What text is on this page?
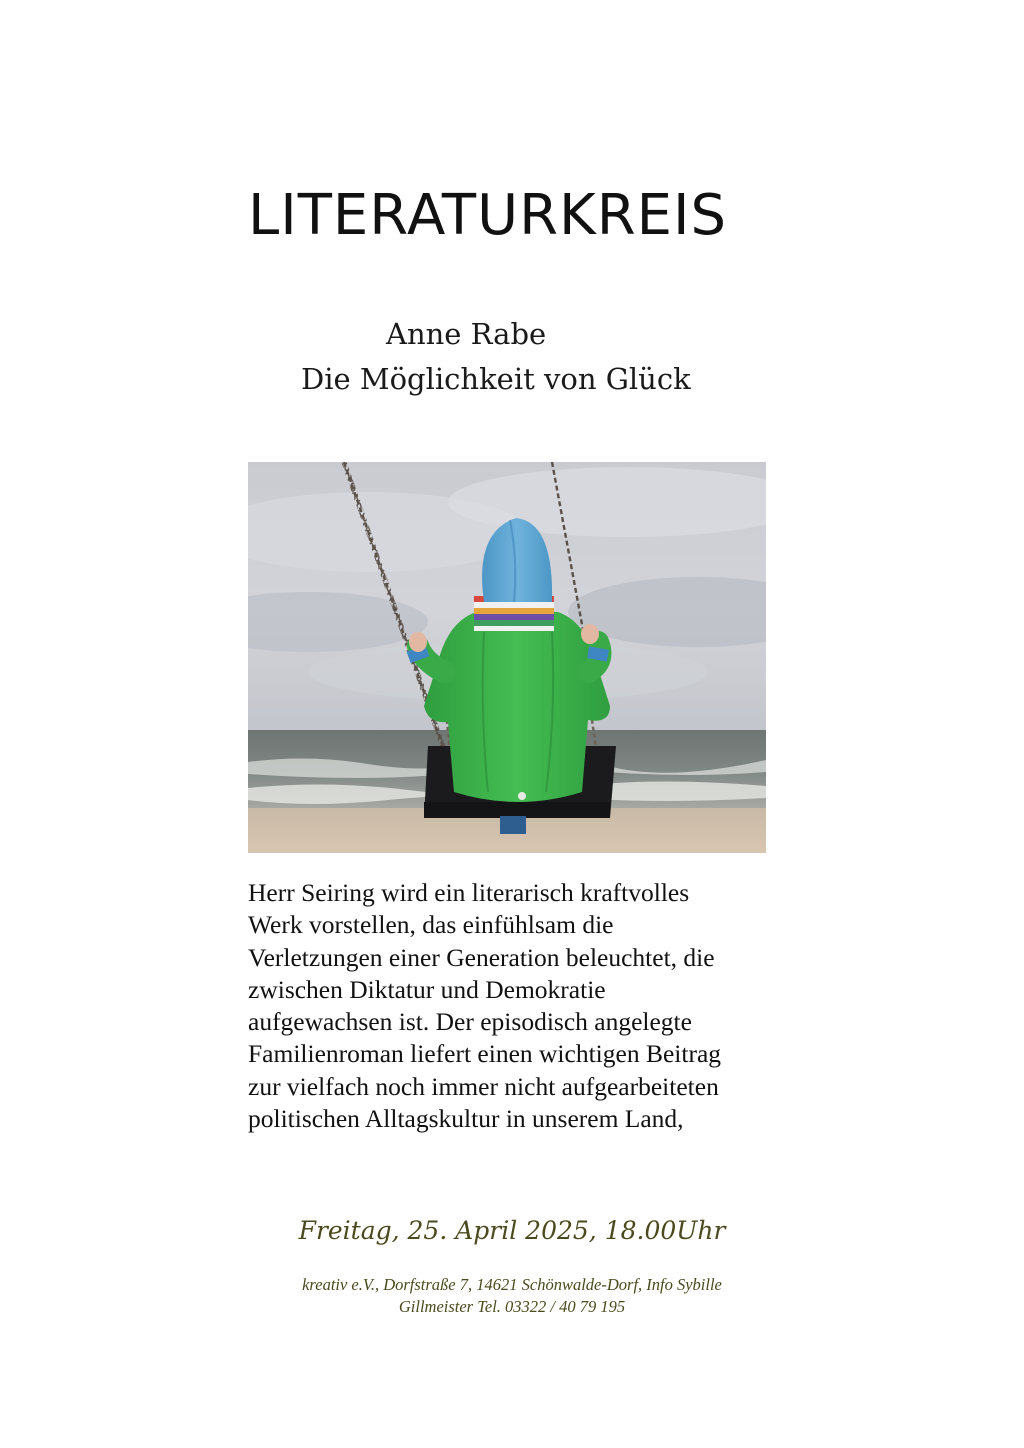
LITERATURKREIS
Anne Rabe
Die Möglichkeit von Glück
Herr Seiring wird ein literarisch kraftvolles
Werk vorstellen, das einfühlsam die
Verletzungen einer Generation beleuchtet, die
zwischen Diktatur und Demokratie
aufgewachsen ist. Der episodisch angelegte
Familienroman liefert einen wichtigen Beitrag
zur vielfach noch immer nicht aufgearbeiteten
politischen Alltagskultur in unserem Land,
Freitag, 25. April 2025, 18.00Uhr
kreativ e.V., Dorfstraße 7, 14621 Schönwalde-Dorf, Info Sybille
Gillmeister Tel. 03322 / 40 79 195
